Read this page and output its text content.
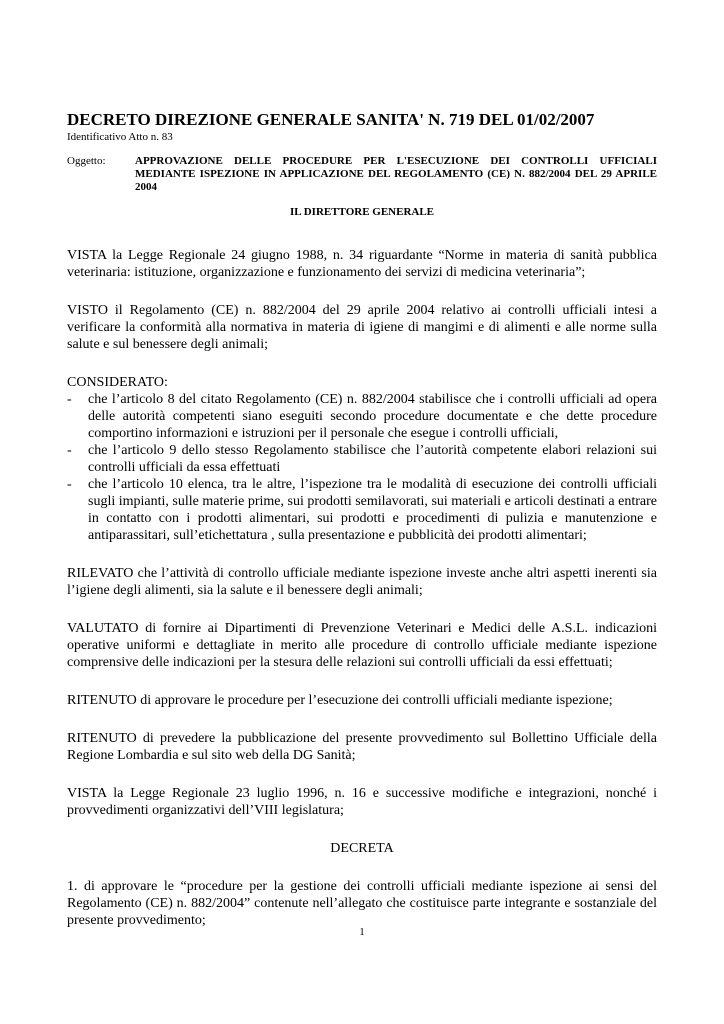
DECRETO DIREZIONE GENERALE SANITA' N. 719 DEL 01/02/2007
Identificativo Atto n. 83
Oggetto:	APPROVAZIONE DELLE PROCEDURE PER L'ESECUZIONE DEI CONTROLLI UFFICIALI MEDIANTE ISPEZIONE IN APPLICAZIONE DEL REGOLAMENTO (CE) N. 882/2004 DEL 29 APRILE 2004
IL DIRETTORE GENERALE

VISTA la Legge Regionale 24 giugno 1988, n. 34 riguardante “Norme in materia di sanità pubblica veterinaria: istituzione, organizzazione e funzionamento dei servizi di medicina veterinaria”;

VISTO il Regolamento (CE) n. 882/2004 del 29 aprile 2004 relativo ai controlli ufficiali intesi a verificare la conformità alla normativa in materia di igiene di mangimi e di alimenti e alle norme sulla salute e sul benessere degli animali;

CONSIDERATO:

- che l’articolo 8 del citato Regolamento (CE) n. 882/2004 stabilisce che i controlli ufficiali ad opera delle autorità competenti siano eseguiti secondo procedure documentate e che dette procedure comportino informazioni e istruzioni per il personale che esegue i controlli ufficiali,
- che l’articolo 9 dello stesso Regolamento stabilisce che l’autorità competente elabori relazioni sui controlli ufficiali da essa effettuati
- che l’articolo 10 elenca, tra le altre, l’ispezione tra le modalità di esecuzione dei controlli ufficiali sugli impianti, sulle materie prime, sui prodotti semilavorati, sui materiali e articoli destinati a entrare in contatto con i prodotti alimentari, sui prodotti e procedimenti di pulizia e manutenzione e antiparassitari, sull’etichettatura , sulla presentazione e pubblicità dei prodotti alimentari;

RILEVATO che l’attività di controllo ufficiale mediante ispezione investe anche altri aspetti inerenti sia l’igiene degli alimenti, sia la salute e il benessere degli animali;

VALUTATO di fornire ai Dipartimenti di Prevenzione Veterinari e Medici delle A.S.L. indicazioni operative uniformi e dettagliate in merito alle procedure di controllo ufficiale mediante ispezione comprensive delle indicazioni per la stesura delle relazioni sui controlli ufficiali da essi effettuati;

RITENUTO di approvare le procedure per l’esecuzione dei controlli ufficiali mediante ispezione;

RITENUTO di prevedere la pubblicazione del presente provvedimento sul Bollettino Ufficiale della Regione Lombardia e sul sito web della DG Sanità;

VISTA la Legge Regionale 23 luglio 1996, n. 16 e successive modifiche e integrazioni, nonché i provvedimenti organizzativi dell’VIII legislatura;

DECRETA

1. di approvare le “procedure per la gestione dei controlli ufficiali mediante ispezione ai sensi del Regolamento (CE) n. 882/2004” contenute nell’allegato che costituisce parte integrante e sostanziale del presente provvedimento;

1
